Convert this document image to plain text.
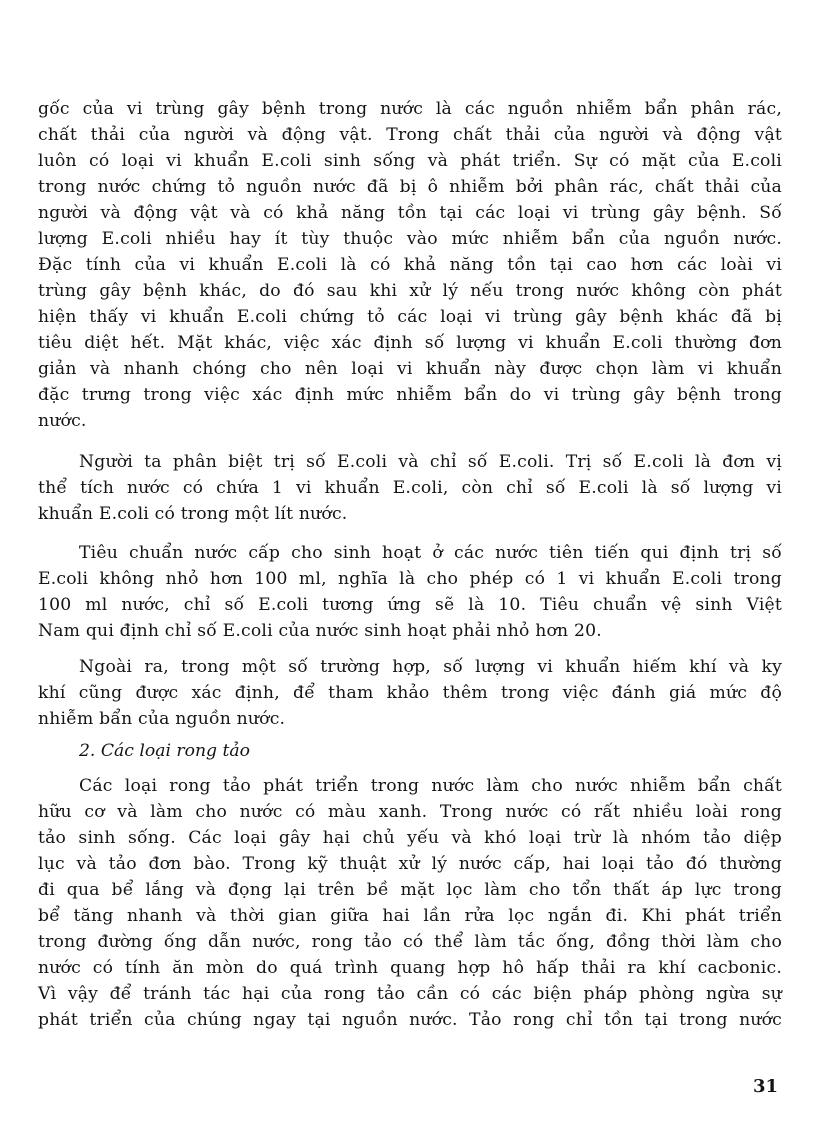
gốc của vi trùng gây bệnh trong nước là các nguồn nhiễm bẩn phân rác,
chất thải của người và động vật. Trong chất thải của người và động vật
luôn có loại vi khuẩn E.coli sinh sống và phát triển. Sự có mặt của E.coli
trong nước chứng tỏ nguồn nước đã bị ô nhiễm bởi phân rác, chất thải của
người và động vật và có khả năng tồn tại các loại vi trùng gây bệnh. Số
lượng E.coli nhiều hay ít tùy thuộc vào mức nhiễm bẩn của nguồn nước.
Đặc tính của vi khuẩn E.coli là có khả năng tồn tại cao hơn các loài vi
trùng gây bệnh khác, do đó sau khi xử lý nếu trong nước không còn phát
hiện thấy vi khuẩn E.coli chứng tỏ các loại vi trùng gây bệnh khác đã bị
tiêu diệt hết. Mặt khác, việc xác định số lượng vi khuẩn E.coli thường đơn
giản và nhanh chóng cho nên loại vi khuẩn này được chọn làm vi khuẩn
đặc trưng trong việc xác định mức nhiễm bẩn do vi trùng gây bệnh trong
nước.
Người ta phân biệt trị số E.coli và chỉ số E.coli. Trị số E.coli là đơn vị
thể tích nước có chứa 1 vi khuẩn E.coli, còn chỉ số E.coli là số lượng vi
khuẩn E.coli có trong một lít nước.
Tiêu chuẩn nước cấp cho sinh hoạt ở các nước tiên tiến qui định trị số
E.coli không nhỏ hơn 100 ml, nghĩa là cho phép có 1 vi khuẩn E.coli trong
100 ml nước, chỉ số E.coli tương ứng sẽ là 10. Tiêu chuẩn vệ sinh Việt
Nam qui định chỉ số E.coli của nước sinh hoạt phải nhỏ hơn 20.
Ngoài ra, trong một số trường hợp, số lượng vi khuẩn hiếm khí và ky
khí cũng được xác định, để tham khảo thêm trong việc đánh giá mức độ
nhiễm bẩn của nguồn nước.
2. Các loại rong tảo
Các loại rong tảo phát triển trong nước làm cho nước nhiễm bẩn chất
hữu cơ và làm cho nước có màu xanh. Trong nước có rất nhiều loài rong
tảo sinh sống. Các loại gây hại chủ yếu và khó loại trừ là nhóm tảo diệp
lục và tảo đơn bào. Trong kỹ thuật xử lý nước cấp, hai loại tảo đó thường
đi qua bể lắng và đọng lại trên bề mặt lọc làm cho tổn thất áp lực trong
bể tăng nhanh và thời gian giữa hai lần rửa lọc ngắn đi. Khi phát triển
trong đường ống dẫn nước, rong tảo có thể làm tắc ống, đồng thời làm cho
nước có tính ăn mòn do quá trình quang hợp hô hấp thải ra khí cacbonic.
Vì vậy để tránh tác hại của rong tảo cần có các biện pháp phòng ngừa sự
phát triển của chúng ngay tại nguồn nước. Tảo rong chỉ tồn tại trong nước
31
